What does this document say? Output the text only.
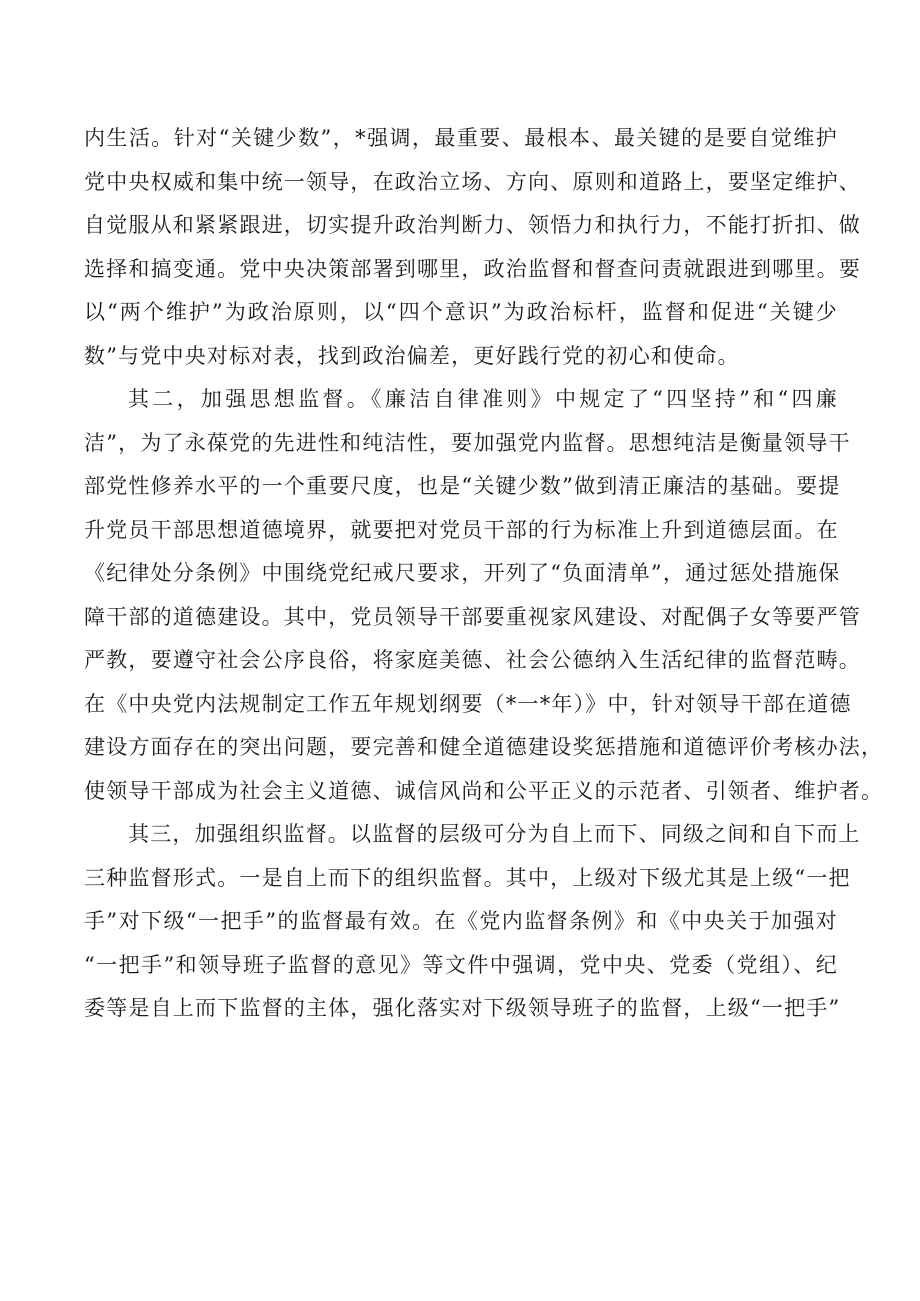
内生活。针对“关键少数”，*强调，最重要、最根本、最关键的是要自觉维护
党中央权威和集中统一领导，在政治立场、方向、原则和道路上，要坚定维护、
自觉服从和紧紧跟进，切实提升政治判断力、领悟力和执行力，不能打折扣、做
选择和搞变通。党中央决策部署到哪里，政治监督和督查问责就跟进到哪里。要
以“两个维护”为政治原则，以“四个意识”为政治标杆，监督和促进“关键少
数”与党中央对标对表，找到政治偏差，更好践行党的初心和使命。
其二，加强思想监督。《廉洁自律准则》中规定了“四坚持”和“四廉
洁”，为了永葆党的先进性和纯洁性，要加强党内监督。思想纯洁是衡量领导干
部党性修养水平的一个重要尺度，也是“关键少数”做到清正廉洁的基础。要提
升党员干部思想道德境界，就要把对党员干部的行为标准上升到道德层面。在
《纪律处分条例》中围绕党纪戒尺要求，开列了“负面清单”，通过惩处措施保
障干部的道德建设。其中，党员领导干部要重视家风建设、对配偶子女等要严管
严教，要遵守社会公序良俗，将家庭美德、社会公德纳入生活纪律的监督范畴。
在《中央党内法规制定工作五年规划纲要（*一*年）》中，针对领导干部在道德
建设方面存在的突出问题，要完善和健全道德建设奖惩措施和道德评价考核办法，
使领导干部成为社会主义道德、诚信风尚和公平正义的示范者、引领者、维护者。
其三，加强组织监督。以监督的层级可分为自上而下、同级之间和自下而上
三种监督形式。一是自上而下的组织监督。其中，上级对下级尤其是上级“一把
手”对下级“一把手”的监督最有效。在《党内监督条例》和《中央关于加强对
“一把手”和领导班子监督的意见》等文件中强调，党中央、党委（党组）、纪
委等是自上而下监督的主体，强化落实对下级领导班子的监督，上级“一把手”
